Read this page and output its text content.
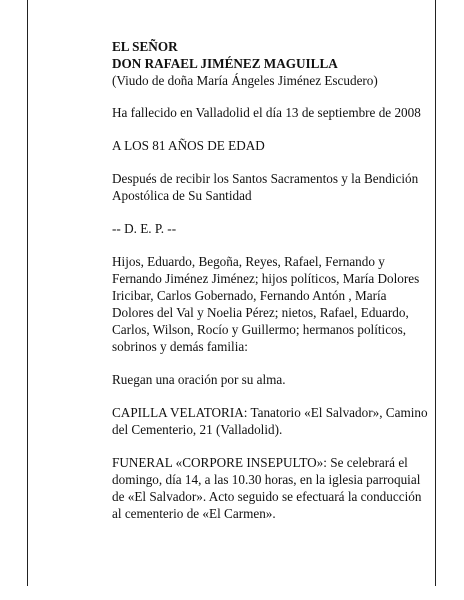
EL SEÑOR

DON RAFAEL JIMÉNEZ MAGUILLA

(Viudo de doña María Ángeles Jiménez Escudero)

Ha fallecido en Valladolid el día 13 de septiembre de 2008

A LOS 81 AÑOS DE EDAD

Después de recibir los Santos Sacramentos y la Bendición Apostólica de Su Santidad

-- D. E. P. --

Hijos, Eduardo, Begoña, Reyes, Rafael, Fernando y Fernando Jiménez Jiménez; hijos políticos, María Dolores Iricibar, Carlos Gobernado, Fernando Antón , María Dolores del Val y Noelia Pérez; nietos, Rafael, Eduardo, Carlos, Wilson, Rocío y Guillermo; hermanos políticos, sobrinos y demás familia:

Ruegan una oración por su alma.

CAPILLA VELATORIA: Tanatorio «El Salvador», Camino del Cementerio, 21 (Valladolid).

FUNERAL «CORPORE INSEPULTO»: Se celebrará el domingo, día 14, a las 10.30 horas, en la iglesia parroquial de «El Salvador». Acto seguido se efectuará la conducción al cementerio de «El Carmen».
